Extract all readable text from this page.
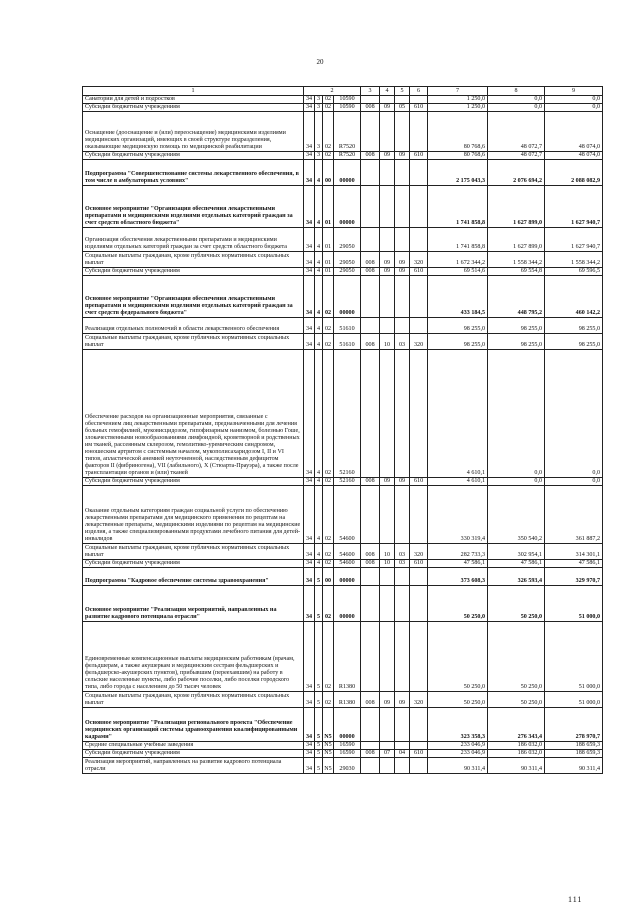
20
1	2				3	4	5	6	7	8	9
Санатории для детей и подростков	34	3	02	10590					1 250,0	0,0	0,0
Субсидии бюджетным учреждениям	34	3	02	10590	008	09	05	610	1 250,0	0,0	0,0
Оснащение (дооснащение и (или) переоснащение) медицинскими изделиями медицинских организаций, имеющих в своей структуре подразделения, оказывающие медицинскую помощь по медицинской реабилитации	34	3	02	R7520					80 768,6	48 072,7	48 074,0
Субсидии бюджетным учреждениям	34	3	02	R7520	008	09	09	610	80 768,6	48 072,7	48 074,0
Подпрограмма "Совершенствование системы лекарственного обеспечения, в том числе в амбулаторных условиях"	34	4	00	00000					2 175 043,3	2 076 694,2	2 088 082,9
Основное мероприятие "Организация обеспечения лекарственными препаратами и медицинскими изделиями отдельных категорий граждан за счет средств областного бюджета"	34	4	01	00000					1 741 858,8	1 627 899,0	1 627 940,7
Организация обеспечения лекарственными препаратами и медицинскими изделиями отдельных категорий граждан за счет средств областного бюджета	34	4	01	29050					1 741 858,8	1 627 899,0	1 627 940,7
Социальные выплаты гражданам, кроме публичных нормативных социальных выплат	34	4	01	29050	008	09	09	320	1 672 344,2	1 558 344,2	1 558 344,2
Субсидии бюджетным учреждениям	34	4	01	29050	008	09	09	610	69 514,6	69 554,8	69 596,5
Основное мероприятие "Организация обеспечения лекарственными препаратами и медицинскими изделиями отдельных категорий граждан за счет средств федерального бюджета"	34	4	02	00000					433 184,5	448 795,2	460 142,2
Реализация отдельных полномочий в области лекарственного обеспечения	34	4	02	51610					98 255,0	98 255,0	98 255,0
Социальные выплаты гражданам, кроме публичных нормативных социальных выплат	34	4	02	51610	008	10	03	320	98 255,0	98 255,0	98 255,0
Обеспечение расходов на организационные мероприятия, связанные с обеспечением лиц лекарственными препаратами, предназначенными для лечения больных гемофилией, муковисцидозом, гипофизарным нанизмом, болезнью Гоше, злокачественными новообразованиями лимфоидной, кроветворной и родственных им тканей, рассеянным склерозом, гемолитико-уремическим синдромом, юношеским артритом с системным началом, мукополисахаридозом I, II и VI типов, апластической анемией неуточненной, наследственным дефицитом факторов II (фибриногена), VII (лабильного), X (Стюарта-Прауэра), а также после трансплантации органов и (или) тканей	34	4	02	52160					4 610,1	0,0	0,0
Субсидии бюджетным учреждениям	34	4	02	52160	008	09	09	610	4 610,1	0,0	0,0
Оказание отдельным категориям граждан социальной услуги по обеспечению лекарственными препаратами для медицинского применения по рецептам на лекарственные препараты, медицинскими изделиями по рецептам на медицинские изделия, а также специализированными продуктами лечебного питания для детей-инвалидов	34	4	02	54600					330 319,4	350 540,2	361 887,2
Социальные выплаты гражданам, кроме публичных нормативных социальных выплат	34	4	02	54600	008	10	03	320	282 733,3	302 954,1	314 301,1
Субсидии бюджетным учреждениям	34	4	02	54600	008	10	03	610	47 586,1	47 586,1	47 586,1
Подпрограмма "Кадровое обеспечение системы здравоохранения"	34	5	00	00000					373 608,3	326 593,4	329 970,7
Основное мероприятие "Реализация мероприятий, направленных на развитие кадрового потенциала отрасли"	34	5	02	00000					50 250,0	50 250,0	51 000,0
Единовременные компенсационные выплаты медицинским работникам (врачам, фельдшерам, а также акушеркам и медицинским сестрам фельдшерских и фельдшерско-акушерских пунктов), прибывшим (переехавшим) на работу в сельские населенные пункты, либо рабочие поселки, либо поселки городского типа, либо города с населением до 50 тысяч человек	34	5	02	R1380					50 250,0	50 250,0	51 000,0
Социальные выплаты гражданам, кроме публичных нормативных социальных выплат	34	5	02	R1380	008	09	09	320	50 250,0	50 250,0	51 000,0
Основное мероприятие "Реализация регионального проекта "Обеспечение медицинских организаций системы здравоохранения квалифицированными кадрами"	34	5	N5	00000					323 358,3	276 343,4	278 970,7
Средние специальные учебные заведения	34	5	N5	16590					233 046,9	186 032,0	188 659,3
Субсидии бюджетным учреждениям	34	5	N5	16590	008	07	04	610	233 046,9	186 032,0	188 659,3
Реализация мероприятий, направленных на развитие кадрового потенциала отрасли	34	5	N5	29030					90 311,4	90 311,4	90 311,4
111
